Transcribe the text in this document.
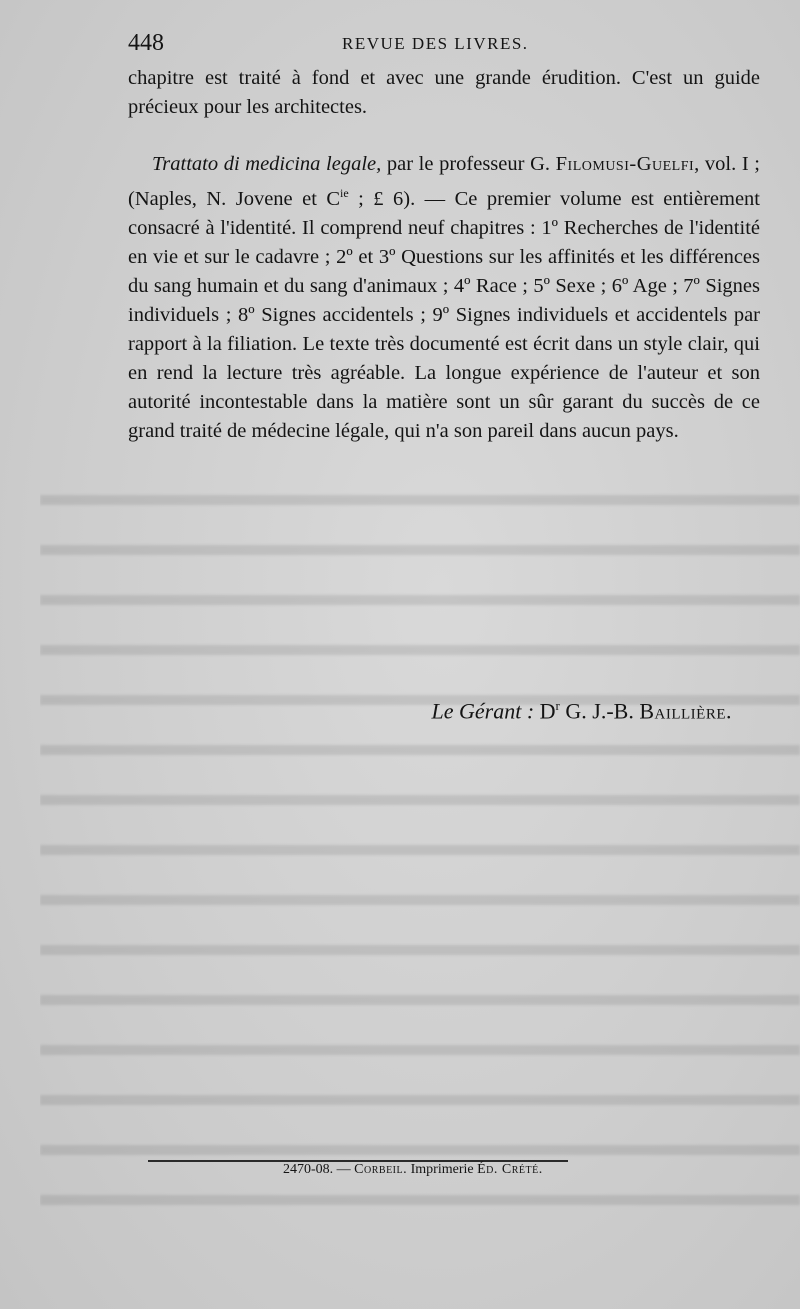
448	REVUE DES LIVRES.
chapitre est traité à fond et avec une grande érudition. C'est un guide précieux pour les architectes.
Trattato di medicina legale, par le professeur G. Filomusi-Guelfi, vol. I ; (Naples, N. Jovene et $C^{ie}$ ; £ 6). — Ce premier volume est entièrement consacré à l'identité. Il comprend neuf chapitres : 1º Recherches de l'identité en vie et sur le cadavre ; 2º et 3º Questions sur les affinités et les différences du sang humain et du sang d'animaux ; 4º Race ; 5º Sexe ; 6º Age ; 7º Signes individuels ; 8º Signes accidentels ; 9º Signes individuels et accidentels par rapport à la filiation. Le texte très documenté est écrit dans un style clair, qui en rend la lecture très agréable. La longue expérience de l'auteur et son autorité incontestable dans la matière sont un sûr garant du succès de ce grand traité de médecine légale, qui n'a son pareil dans aucun pays.
Le Gérant : $D^r$ G. J.-B. Baillière.
2470-08. — Corbeil. Imprimerie Éd. Crété.
